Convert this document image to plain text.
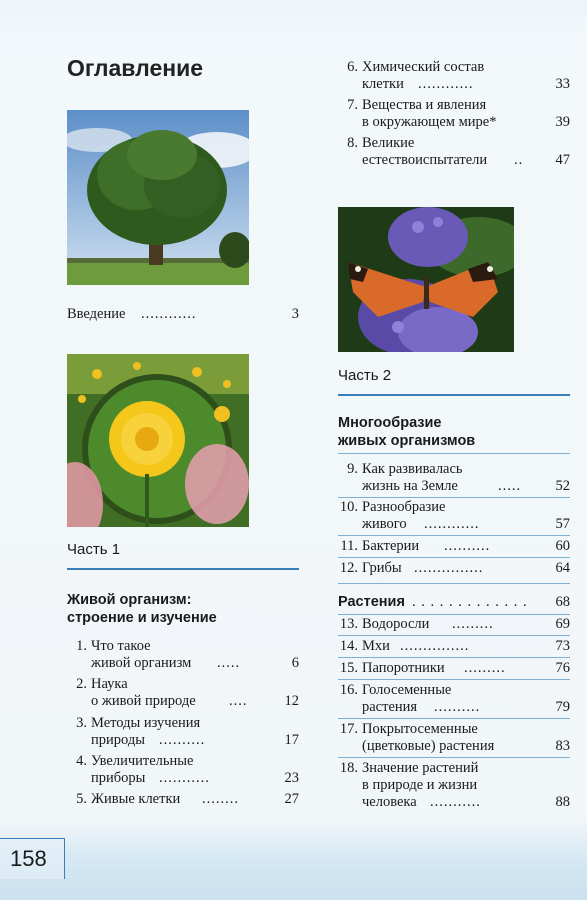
Оглавление
Введение ............	3
Часть 1
Живой организм:
строение и изучение
1. Что такое
живой организм .....	6
2. Наука
о живой природе ....	12
3. Методы изучения
природы ..........	17
4. Увеличительные
приборы ...........	23
5. Живые клетки ........	27
6. Химический состав
клетки ............	33
7. Вещества и явления
в окружающем мире*	39
8. Великие
естествоиспытатели .. 47
Часть 2
Многообразие
живых организмов
9. Как развивалась
жизнь на Земле	..... 52
10. Разнообразие
живого ............	57
11. Бактерии ..........	60
12. Грибы ...............	64
Растения . . . . . . . . . . . . . 68
13. Водоросли .........	69
14. Мхи ...............	73
15. Папоротники .........	76
16. Голосеменные
растения ..........	79
17. Покрытосеменные
(цветковые) растения	83
18. Значение растений
в природе и жизни
человека ...........	88
158
